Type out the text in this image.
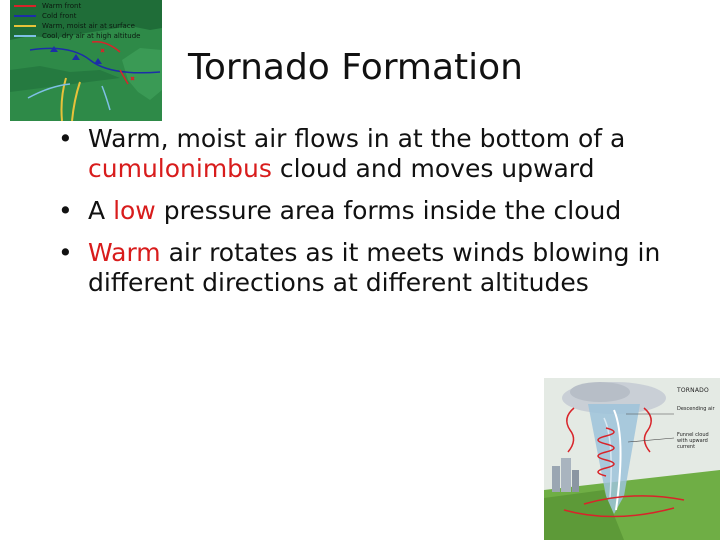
Warm front
Cold front
Warm, moist air at surface
Cool, dry air at high altitude
Tornado Formation
• Warm, moist air flows in at the bottom of a cumulonimbus cloud and moves upward
• A low pressure area forms inside the cloud
• Warm air rotates as it meets winds blowing in different directions at different altitudes
TORNADO
Descending air
Funnel cloud with upward current
